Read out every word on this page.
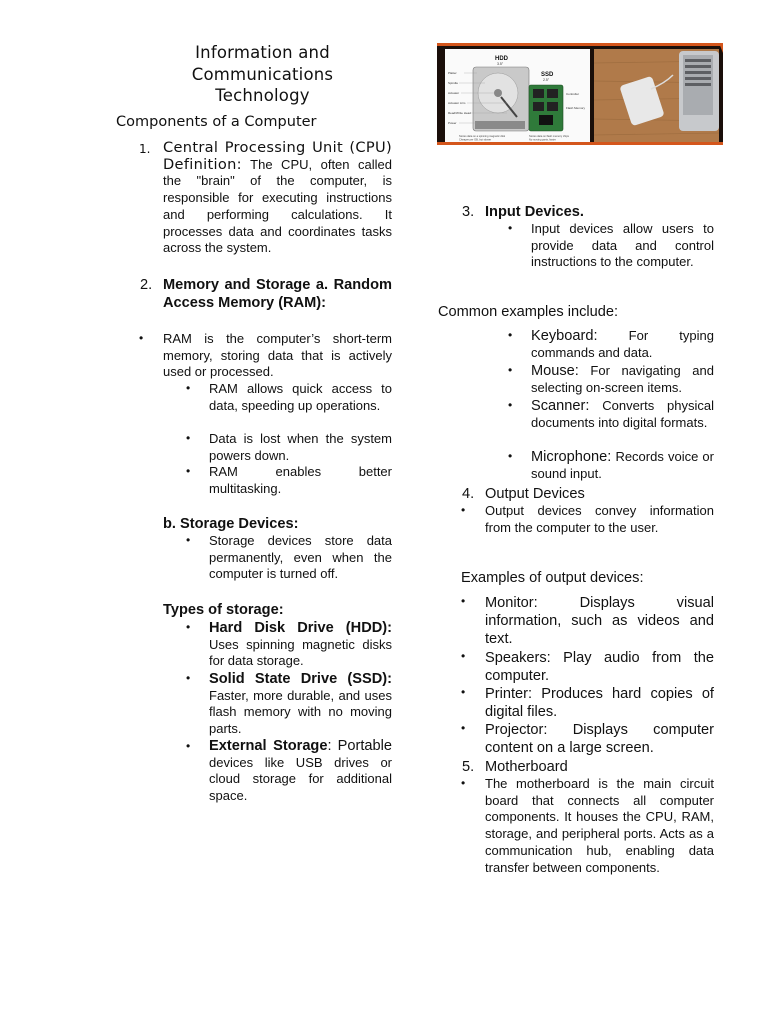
Information and
Communications
Technology
Components of a Computer
1. Central Processing Unit (CPU) Definition: The CPU, often called the "brain" of the computer, is responsible for executing instructions and performing calculations. It processes data and coordinates tasks across the system.
2. Memory and Storage a. Random Access Memory (RAM):
• RAM is the computer’s short-term memory, storing data that is actively used or processed.
• RAM allows quick access to data, speeding up operations.
• Data is lost when the system powers down.
• RAM enables better multitasking.
b. Storage Devices:
• Storage devices store data permanently, even when the computer is turned off.
Types of storage:
• Hard Disk Drive (HDD): Uses spinning magnetic disks for data storage.
• Solid State Drive (SSD): Faster, more durable, and uses flash memory with no moving parts.
• External Storage: Portable devices like USB drives or cloud storage for additional space.
HDD
3.5"
Platter
Spindle
Actuator
Actuator Arm
Read/Write Head
Power
SSD
2.5"
Controller
Flash Memory
Stores data on a spinning magnetic disk
Cheaper per GB, but slower
Stores data on flash memory chips
No moving parts, faster
3. Input Devices.
• Input devices allow users to provide data and control instructions to the computer.
Common examples include:
• Keyboard: For typing commands and data.
• Mouse: For navigating and selecting on-screen items.
• Scanner: Converts physical documents into digital formats.
• Microphone: Records voice or sound input.
4. Output Devices
• Output devices convey information from the computer to the user.
Examples of output devices:
• Monitor: Displays visual information, such as videos and text.
• Speakers: Play audio from the computer.
• Printer: Produces hard copies of digital files.
• Projector: Displays computer content on a large screen.
5. Motherboard
• The motherboard is the main circuit board that connects all computer components. It houses the CPU, RAM, storage, and peripheral ports. Acts as a communication hub, enabling data transfer between components.
